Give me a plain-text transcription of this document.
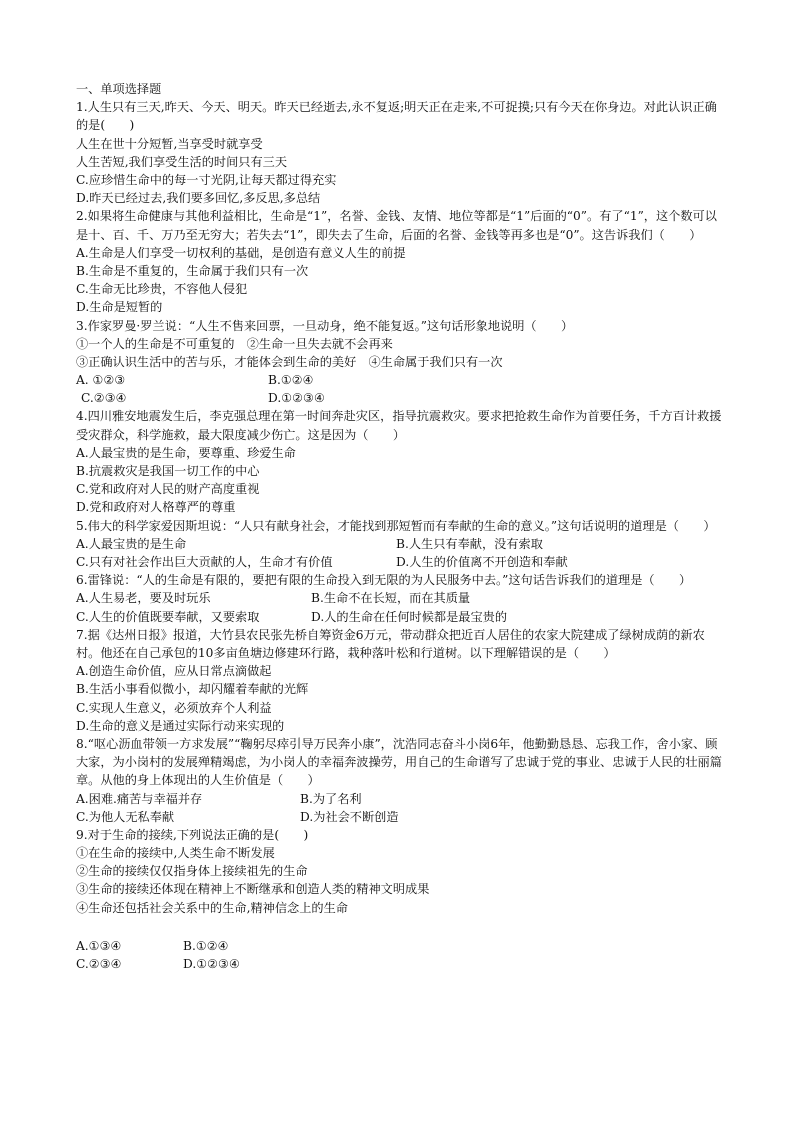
一、单项选择题
1.人生只有三天,昨天、今天、明天。昨天已经逝去,永不复返;明天正在走来,不可捉摸;只有今天在你身边。对此认识正确的是(　　)
人生在世十分短暂,当享受时就享受
人生苦短,我们享受生活的时间只有三天
C.应珍惜生命中的每一寸光阴,让每天都过得充实
D.昨天已经过去,我们要多回忆,多反思,多总结
2.如果将生命健康与其他利益相比，生命是“1”，名誉、金钱、友情、地位等都是“1”后面的“0”。有了“1”，这个数可以是十、百、千、万乃至无穷大；若失去“1”，即失去了生命，后面的名誉、金钱等再多也是“0”。这告诉我们（　　）
A.生命是人们享受一切权利的基础，是创造有意义人生的前提
B.生命是不重复的，生命属于我们只有一次
C.生命无比珍贵，不容他人侵犯
D.生命是短暂的
3.作家罗曼·罗兰说：“人生不售来回票，一旦动身，绝不能复返。”这句话形象地说明（　　）
①一个人的生命是不可重复的　②生命一旦失去就不会再来
③正确认识生活中的苦与乐，才能体会到生命的美好　④生命属于我们只有一次
A. ①②③	B.①②④
C.②③④	D.①②③④
4.四川雅安地震发生后，李克强总理在第一时间奔赴灾区，指导抗震救灾。要求把抢救生命作为首要任务，千方百计救援受灾群众，科学施救，最大限度减少伤亡。这是因为（　　）
A.人最宝贵的是生命，要尊重、珍爱生命
B.抗震救灾是我国一切工作的中心
C.党和政府对人民的财产高度重视
D.党和政府对人格尊严的尊重
5.伟大的科学家爱因斯坦说：“人只有献身社会，才能找到那短暂而有奉献的生命的意义。”这句话说明的道理是（　　）
A.人最宝贵的是生命	B.人生只有奉献，没有索取
C.只有对社会作出巨大贡献的人，生命才有价值	D.人生的价值离不开创造和奉献
6.雷锋说：“人的生命是有限的，要把有限的生命投入到无限的为人民服务中去。”这句话告诉我们的道理是（　　）
A.人生易老，要及时玩乐	B.生命不在长短，而在其质量
C.人生的价值既要奉献，又要索取	D.人的生命在任何时候都是最宝贵的
7.据《达州日报》报道，大竹县农民张先桥自筹资金6万元，带动群众把近百人居住的农家大院建成了绿树成荫的新农村。他还在自己承包的10多亩鱼塘边修建环行路，栽种落叶松和行道树。以下理解错误的是（　　）
A.创造生命价值，应从日常点滴做起
B.生活小事看似微小，却闪耀着奉献的光辉
C.实现人生意义，必须放弃个人利益
D.生命的意义是通过实际行动来实现的
8.“呕心沥血带领一方求发展”“鞠躬尽瘁引导万民奔小康”，沈浩同志奋斗小岗6年，他勤勤恳恳、忘我工作，舍小家、顾大家，为小岗村的发展殚精竭虑，为小岗人的幸福奔波操劳，用自己的生命谱写了忠诚于党的事业、忠诚于人民的壮丽篇章。从他的身上体现出的人生价值是（　　）
A.困难.痛苦与幸福并存	B.为了名利
C.为他人无私奉献	D.为社会不断创造
9.对于生命的接续,下列说法正确的是(　　)
①在生命的接续中,人类生命不断发展
②生命的接续仅仅指身体上接续祖先的生命
③生命的接续还体现在精神上不断继承和创造人类的精神文明成果
④生命还包括社会关系中的生命,精神信念上的生命
A.①③④	B.①②④
C.②③④	D.①②③④
